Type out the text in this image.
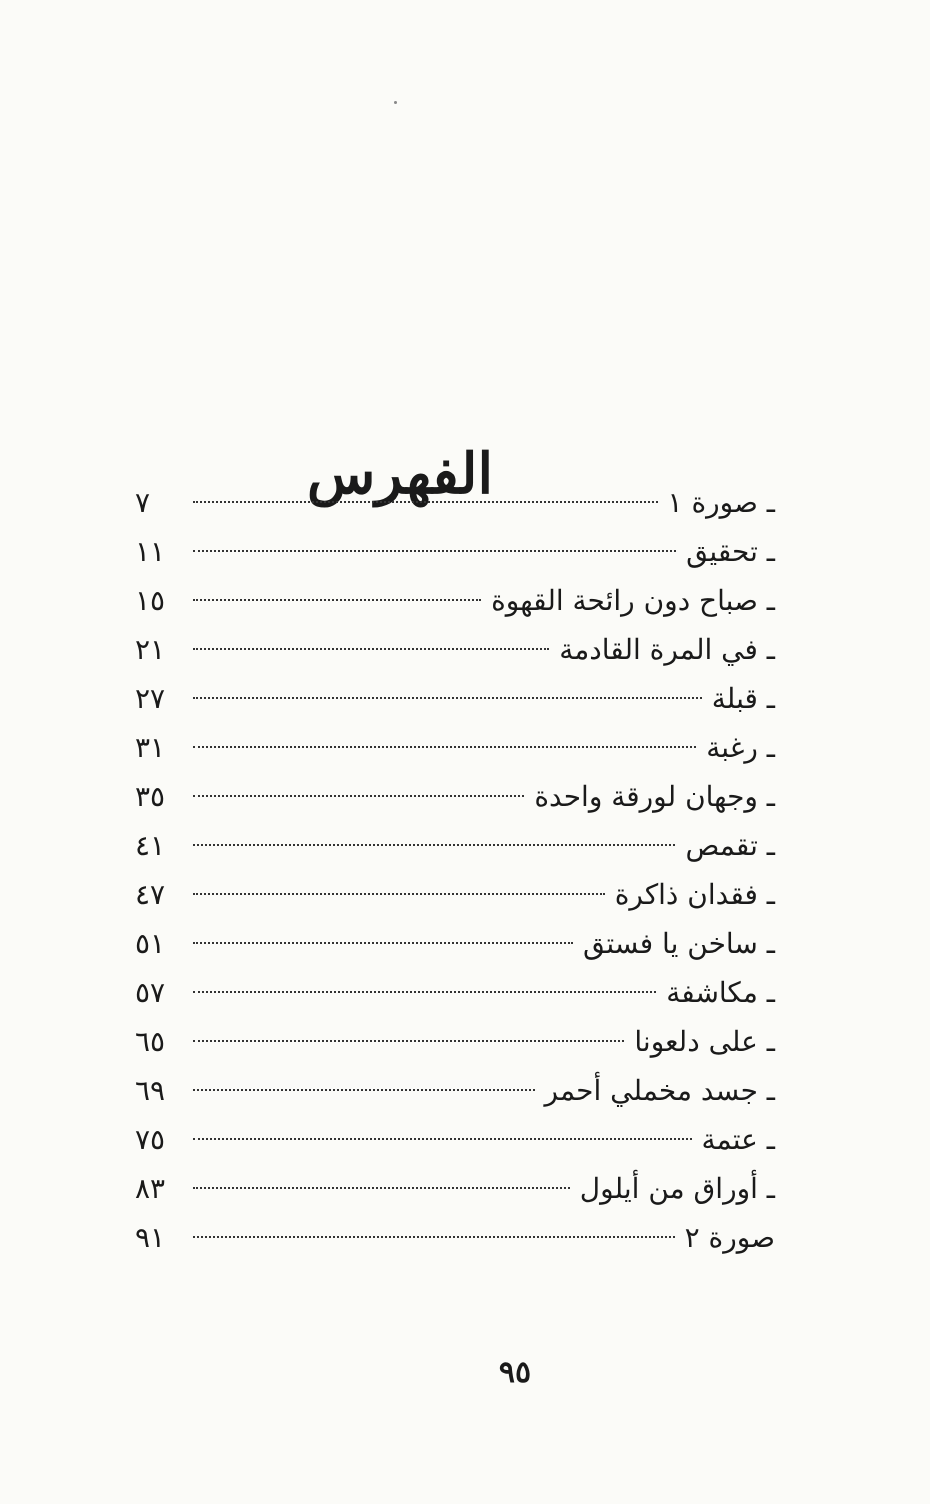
الفهرس	ـ صورة ١
٧
ـ تحقيق
١١
ـ صباح دون رائحة القهوة
١٥
ـ في المرة القادمة
٢١
ـ قبلة
٢٧
ـ رغبة
٣١
ـ وجهان لورقة واحدة
٣٥
ـ تقمص
٤١
ـ فقدان ذاكرة
٤٧
ـ ساخن يا فستق
٥١
ـ مكاشفة
٥٧
ـ على دلعونا
٦٥
ـ جسد مخملي أحمر
٦٩
ـ عتمة
٧٥
ـ أوراق من أيلول
٨٣
صورة ٢
٩١
٩٥
